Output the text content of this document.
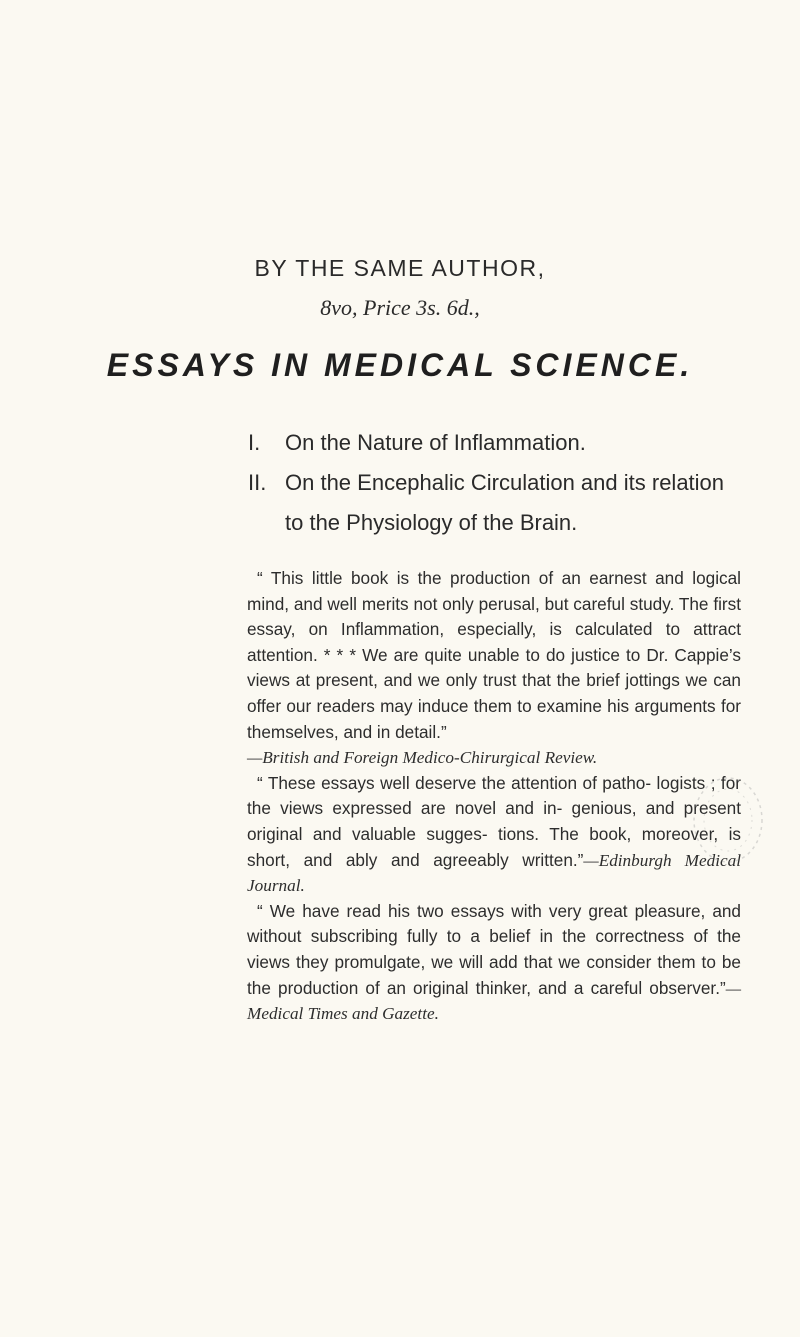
BY THE SAME AUTHOR,
8vo, Price 3s. 6d.,
ESSAYS IN MEDICAL SCIENCE.
I. On the Nature of Inflammation.
II. On the Encephalic Circulation and its relation
to the Physiology of the Brain.

“ This little book is the production of an earnest and logical mind, and well merits not only perusal, but careful study. The first essay, on Inflammation, especially, is calculated to attract attention. * * * We are quite unable to do justice to Dr. Cappie’s views at present, and we only trust that the brief jottings we can offer our readers may induce them to examine his arguments for themselves, and in detail.”
—British and Foreign Medico-Chirurgical Review.

“ These essays well deserve the attention of patho- logists ; for the views expressed are novel and in- genious, and present original and valuable sugges- tions. The book, moreover, is short, and ably and agreeably written.”—Edinburgh Medical Journal.

“ We have read his two essays with very great pleasure, and without subscribing fully to a belief in the correctness of the views they promulgate, we will add that we consider them to be the production of an original thinker, and a careful observer.”—Medical Times and Gazette.
